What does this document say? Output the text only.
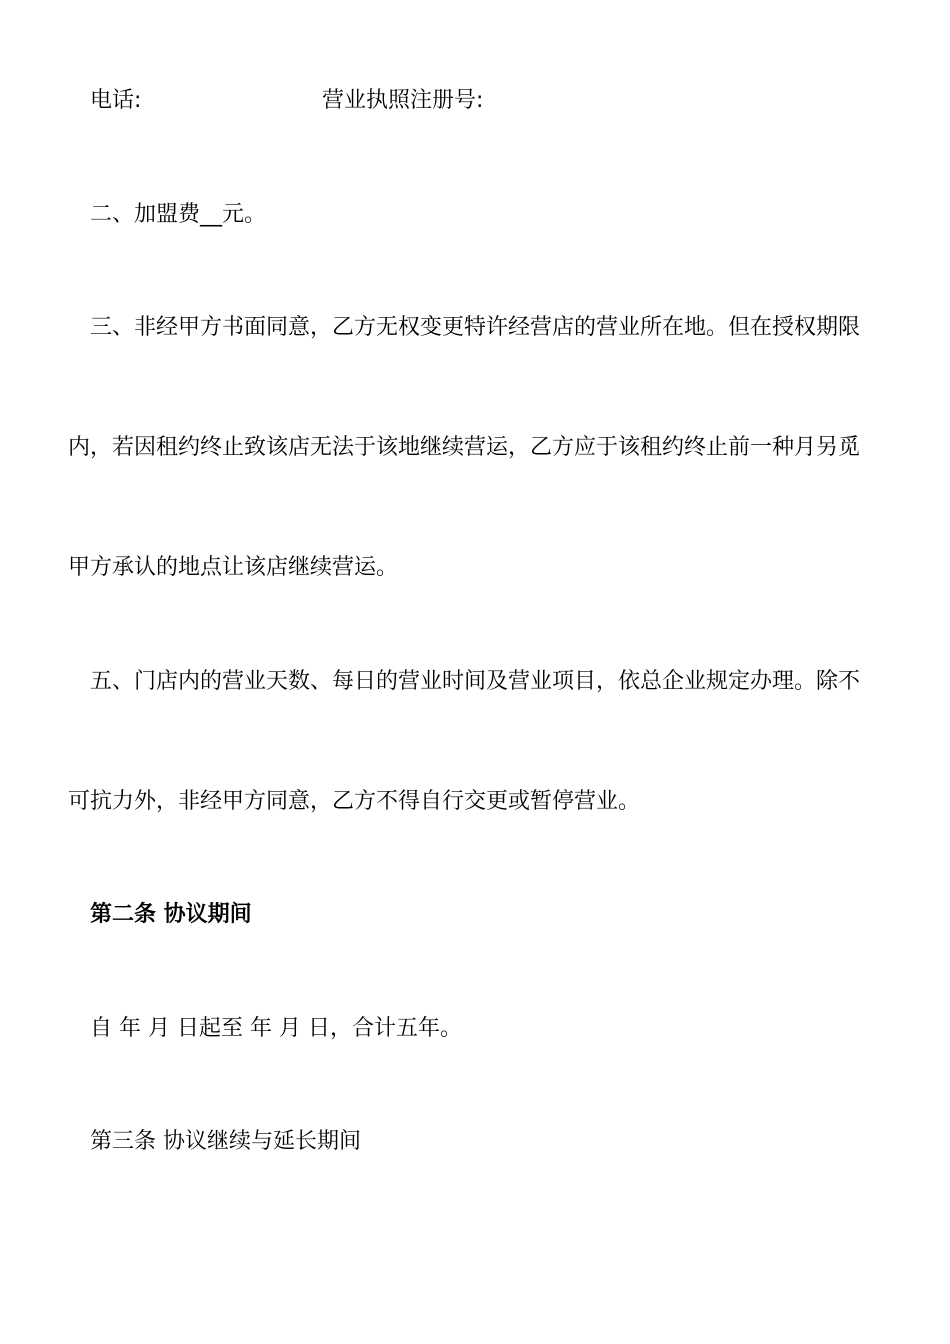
电话:	营业执照注册号:
二、加盟费__元。
三、非经甲方书面同意，乙方无权变更特许经营店的营业所在地。但在授权期限
内，若因租约终止致该店无法于该地继续营运，乙方应于该租约终止前一种月另觅
甲方承认的地点让该店继续营运。
五、门店内的营业天数、每日的营业时间及营业项目，依总企业规定办理。除不
可抗力外，非经甲方同意，乙方不得自行交更或暂停营业。
第二条 协议期间
自 年 月 日起至 年 月 日，合计五年。
第三条 协议继续与延长期间
